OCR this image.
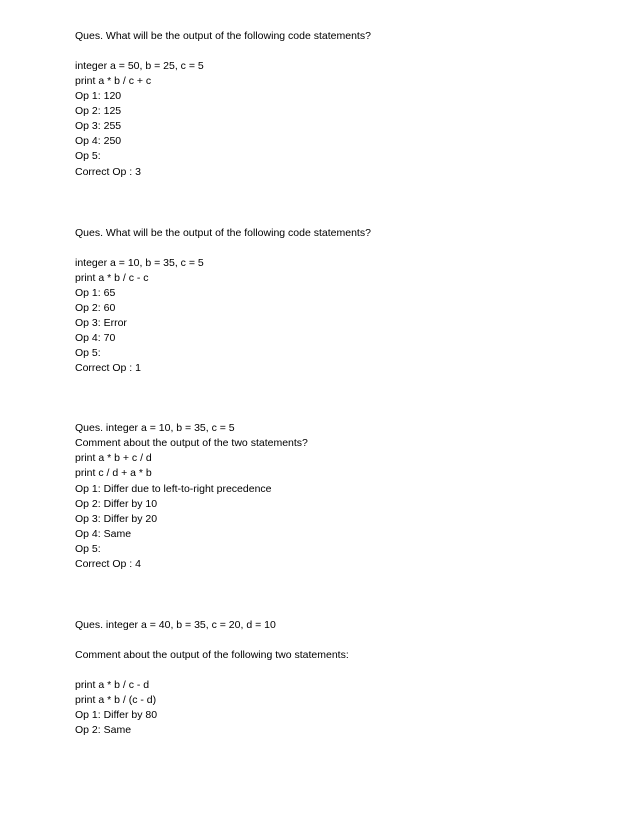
Ques. What will be the output of the following code statements?
integer a = 50, b = 25, c = 5
print a * b / c + c
Op 1: 120
Op 2: 125
Op 3: 255
Op 4: 250
Op 5:
Correct Op : 3
Ques. What will be the output of the following code statements?
integer a = 10, b = 35, c = 5
print a * b / c - c
Op 1: 65
Op 2: 60
Op 3: Error
Op 4: 70
Op 5:
Correct Op : 1
Ques. integer a = 10, b = 35, c = 5
Comment about the output of the two statements?
print a * b + c / d
print c / d + a * b
Op 1: Differ due to left-to-right precedence
Op 2: Differ by 10
Op 3: Differ by 20
Op 4: Same
Op 5:
Correct Op : 4
Ques. integer a = 40, b = 35, c = 20, d = 10
Comment about the output of the following two statements:
print a * b / c - d
print a * b / (c - d)
Op 1: Differ by 80
Op 2: Same
